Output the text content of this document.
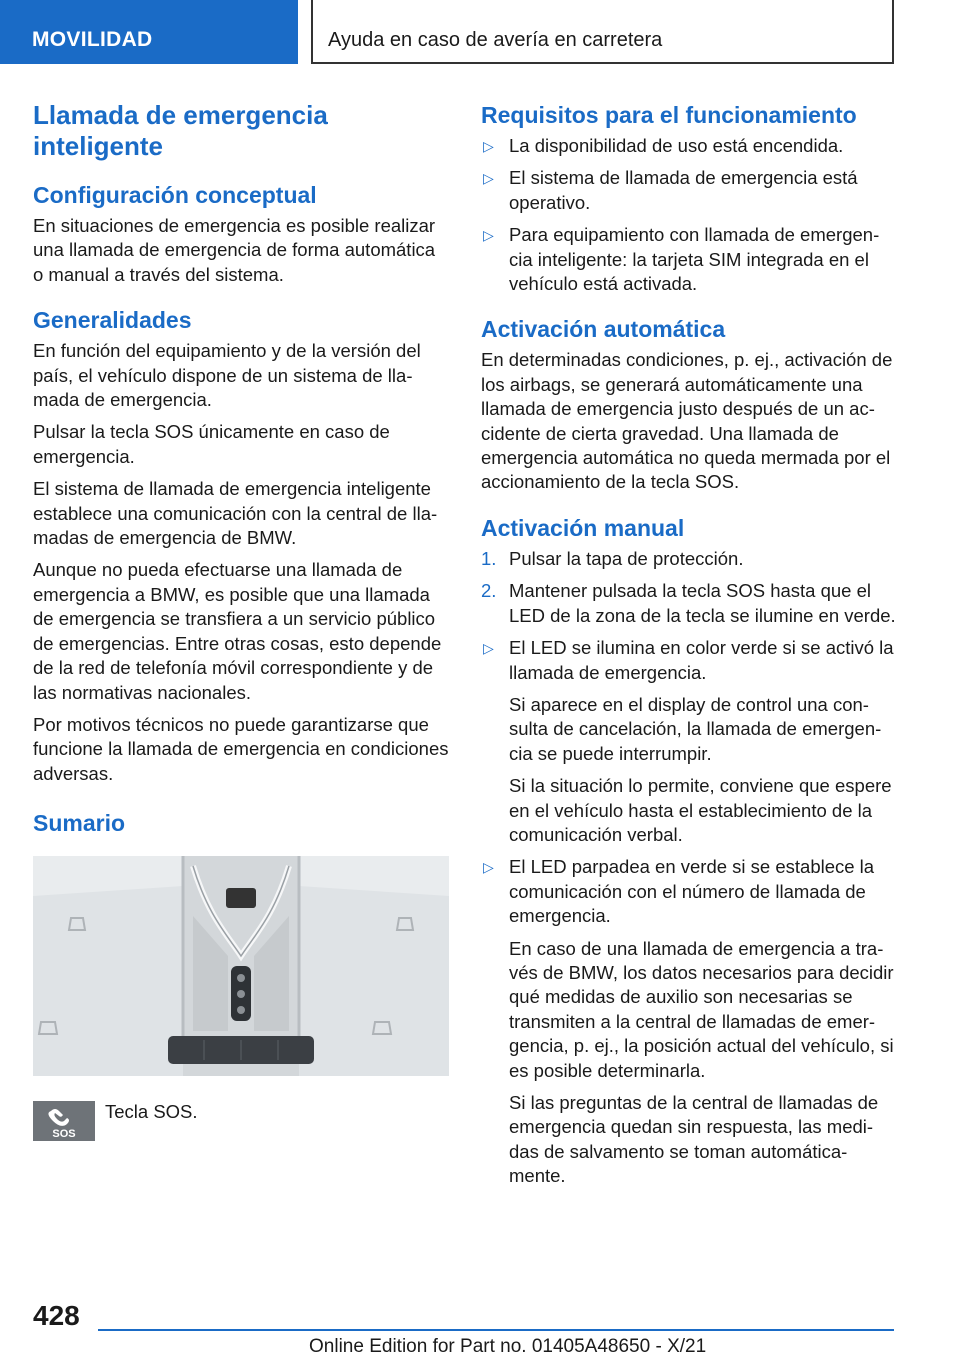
MOVILIDAD	Ayuda en caso de avería en carretera
Llamada de emergencia
inteligente
Configuración conceptual

En situaciones de emergencia es posible realizar una llamada de emergencia de forma automática o manual a través del sistema.

Generalidades

En función del equipamiento y de la versión del país, el vehículo dispone de un sistema de llamada de emergencia.

Pulsar la tecla SOS únicamente en caso de emergencia.

El sistema de llamada de emergencia inteligente establece una comunicación con la central de llamadas de emergencia de BMW.

Aunque no pueda efectuarse una llamada de emergencia a BMW, es posible que una llamada de emergencia se transfiera a un servicio público de emergencias. Entre otras cosas, esto depende de la red de telefonía móvil correspondiente y de las normativas nacionales.

Por motivos técnicos no puede garantizarse que funcione la llamada de emergencia en condiciones adversas.

Sumario
SOS
Tecla SOS.
Requisitos para el funcionamiento
▷ La disponibilidad de uso está encendida.
▷ El sistema de llamada de emergencia está operativo.
▷ Para equipamiento con llamada de emergencia inteligente: la tarjeta SIM integrada en el vehículo está activada.
Activación automática

En determinadas condiciones, p. ej., activación de los airbags, se generará automáticamente una llamada de emergencia justo después de un accidente de cierta gravedad. Una llamada de emergencia automática no queda mermada por el accionamiento de la tecla SOS.

Activación manual
1. Pulsar la tapa de protección.
2. Mantener pulsada la tecla SOS hasta que el LED de la zona de la tecla se ilumine en verde.
▷ El LED se ilumina en color verde si se activó la llamada de emergencia.

Si aparece en el display de control una consulta de cancelación, la llamada de emergencia se puede interrumpir.

Si la situación lo permite, conviene que espere en el vehículo hasta el establecimiento de la comunicación verbal.

▷ El LED parpadea en verde si se establece la comunicación con el número de llamada de emergencia.

En caso de una llamada de emergencia a través de BMW, los datos necesarios para decidir qué medidas de auxilio son necesarias se transmiten a la central de llamadas de emergencia, p. ej., la posición actual del vehículo, si es posible determinarla.

Si las preguntas de la central de llamadas de emergencia quedan sin respuesta, las medidas de salvamento se toman automáticamente.

428
Online Edition for Part no. 01405A48650 - X/21
